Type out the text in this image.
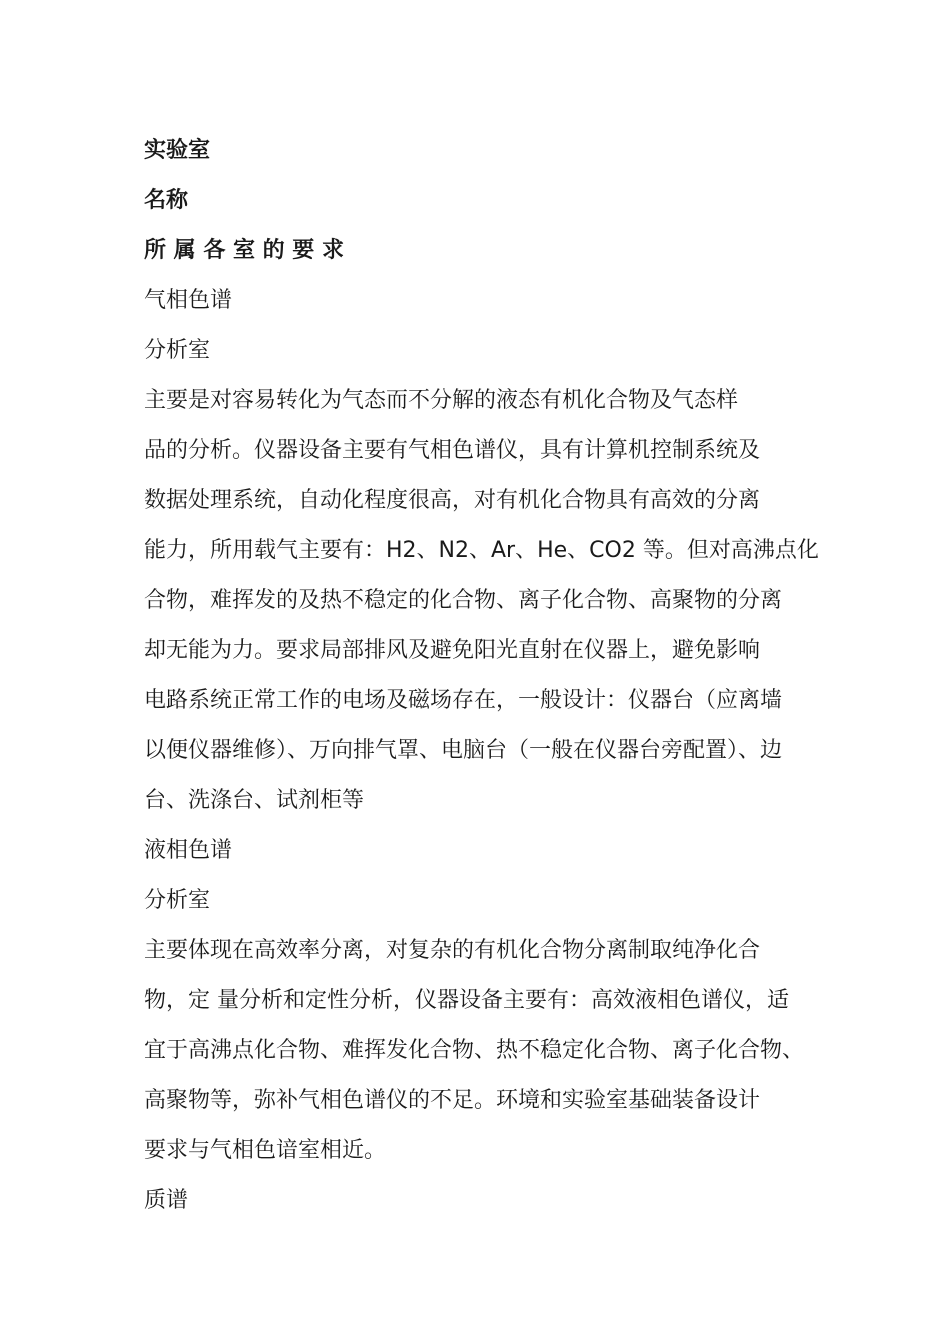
实验室
名称
所 属 各 室 的 要 求
气相色谱
分析室
主要是对容易转化为气态而不分解的液态有机化合物及气态样
品的分析。仪器设备主要有气相色谱仪，具有计算机控制系统及
数据处理系统，自动化程度很高，对有机化合物具有高效的分离
能力，所用载气主要有：H2、N2、Ar、He、CO2 等。但对高沸点化
合物，难挥发的及热不稳定的化合物、离子化合物、高聚物的分离
却无能为力。要求局部排风及避免阳光直射在仪器上，避免影响
电路系统正常工作的电场及磁场存在，一般设计：仪器台（应离墙
以便仪器维修）、万向排气罩、电脑台（一般在仪器台旁配置）、边
台、洗涤台、试剂柜等
液相色谱
分析室
主要体现在高效率分离，对复杂的有机化合物分离制取纯净化合
物，定 量分析和定性分析，仪器设备主要有：高效液相色谱仪，适
宜于高沸点化合物、难挥发化合物、热不稳定化合物、离子化合物、
高聚物等，弥补气相色谱仪的不足。环境和实验室基础装备设计
要求与气相色谙室相近。
质谱
